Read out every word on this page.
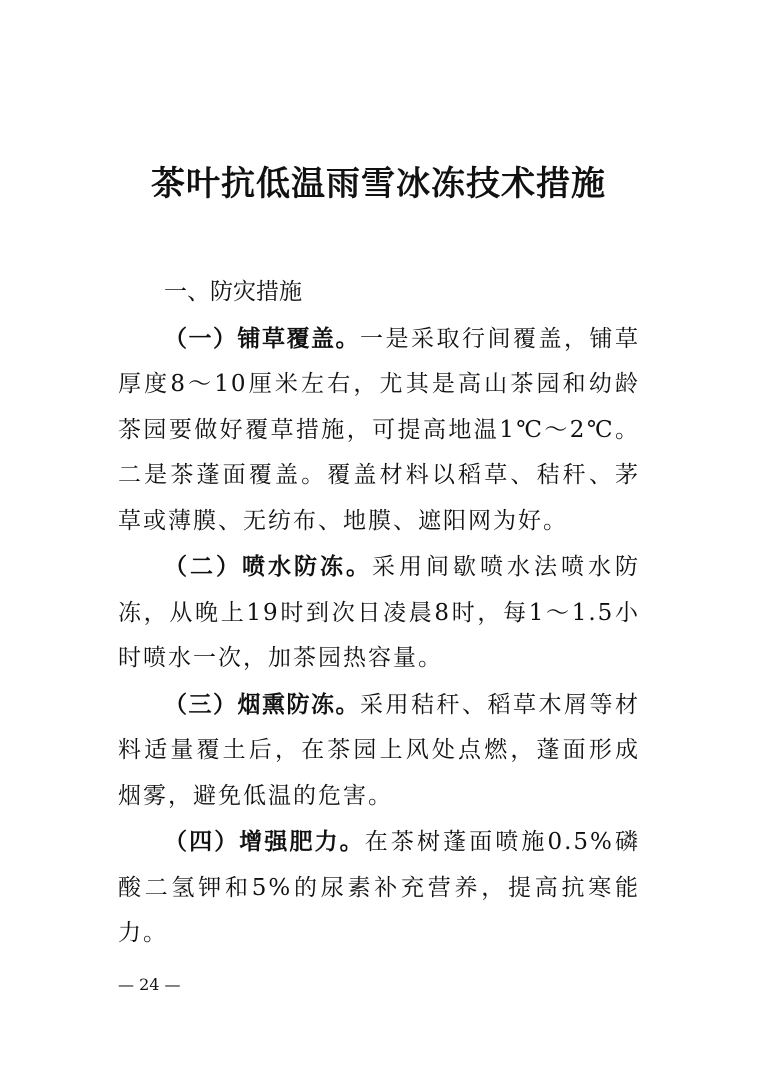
茶叶抗低温雨雪冰冻技术措施

一、防灾措施

（一）铺草覆盖。一是采取行间覆盖，铺草厚度8～10厘米左右，尤其是高山茶园和幼龄茶园要做好覆草措施，可提高地温1℃～2℃。二是茶蓬面覆盖。覆盖材料以稻草、秸秆、茅草或薄膜、无纺布、地膜、遮阳网为好。

（二）喷水防冻。采用间歇喷水法喷水防冻，从晚上19时到次日凌晨8时，每1～1.5小时喷水一次，加茶园热容量。

（三）烟熏防冻。采用秸秆、稻草木屑等材料适量覆土后，在茶园上风处点燃，蓬面形成烟雾，避免低温的危害。

（四）增强肥力。在茶树蓬面喷施0.5%磷酸二氢钾和5%的尿素补充营养，提高抗寒能力。

— 24 —
